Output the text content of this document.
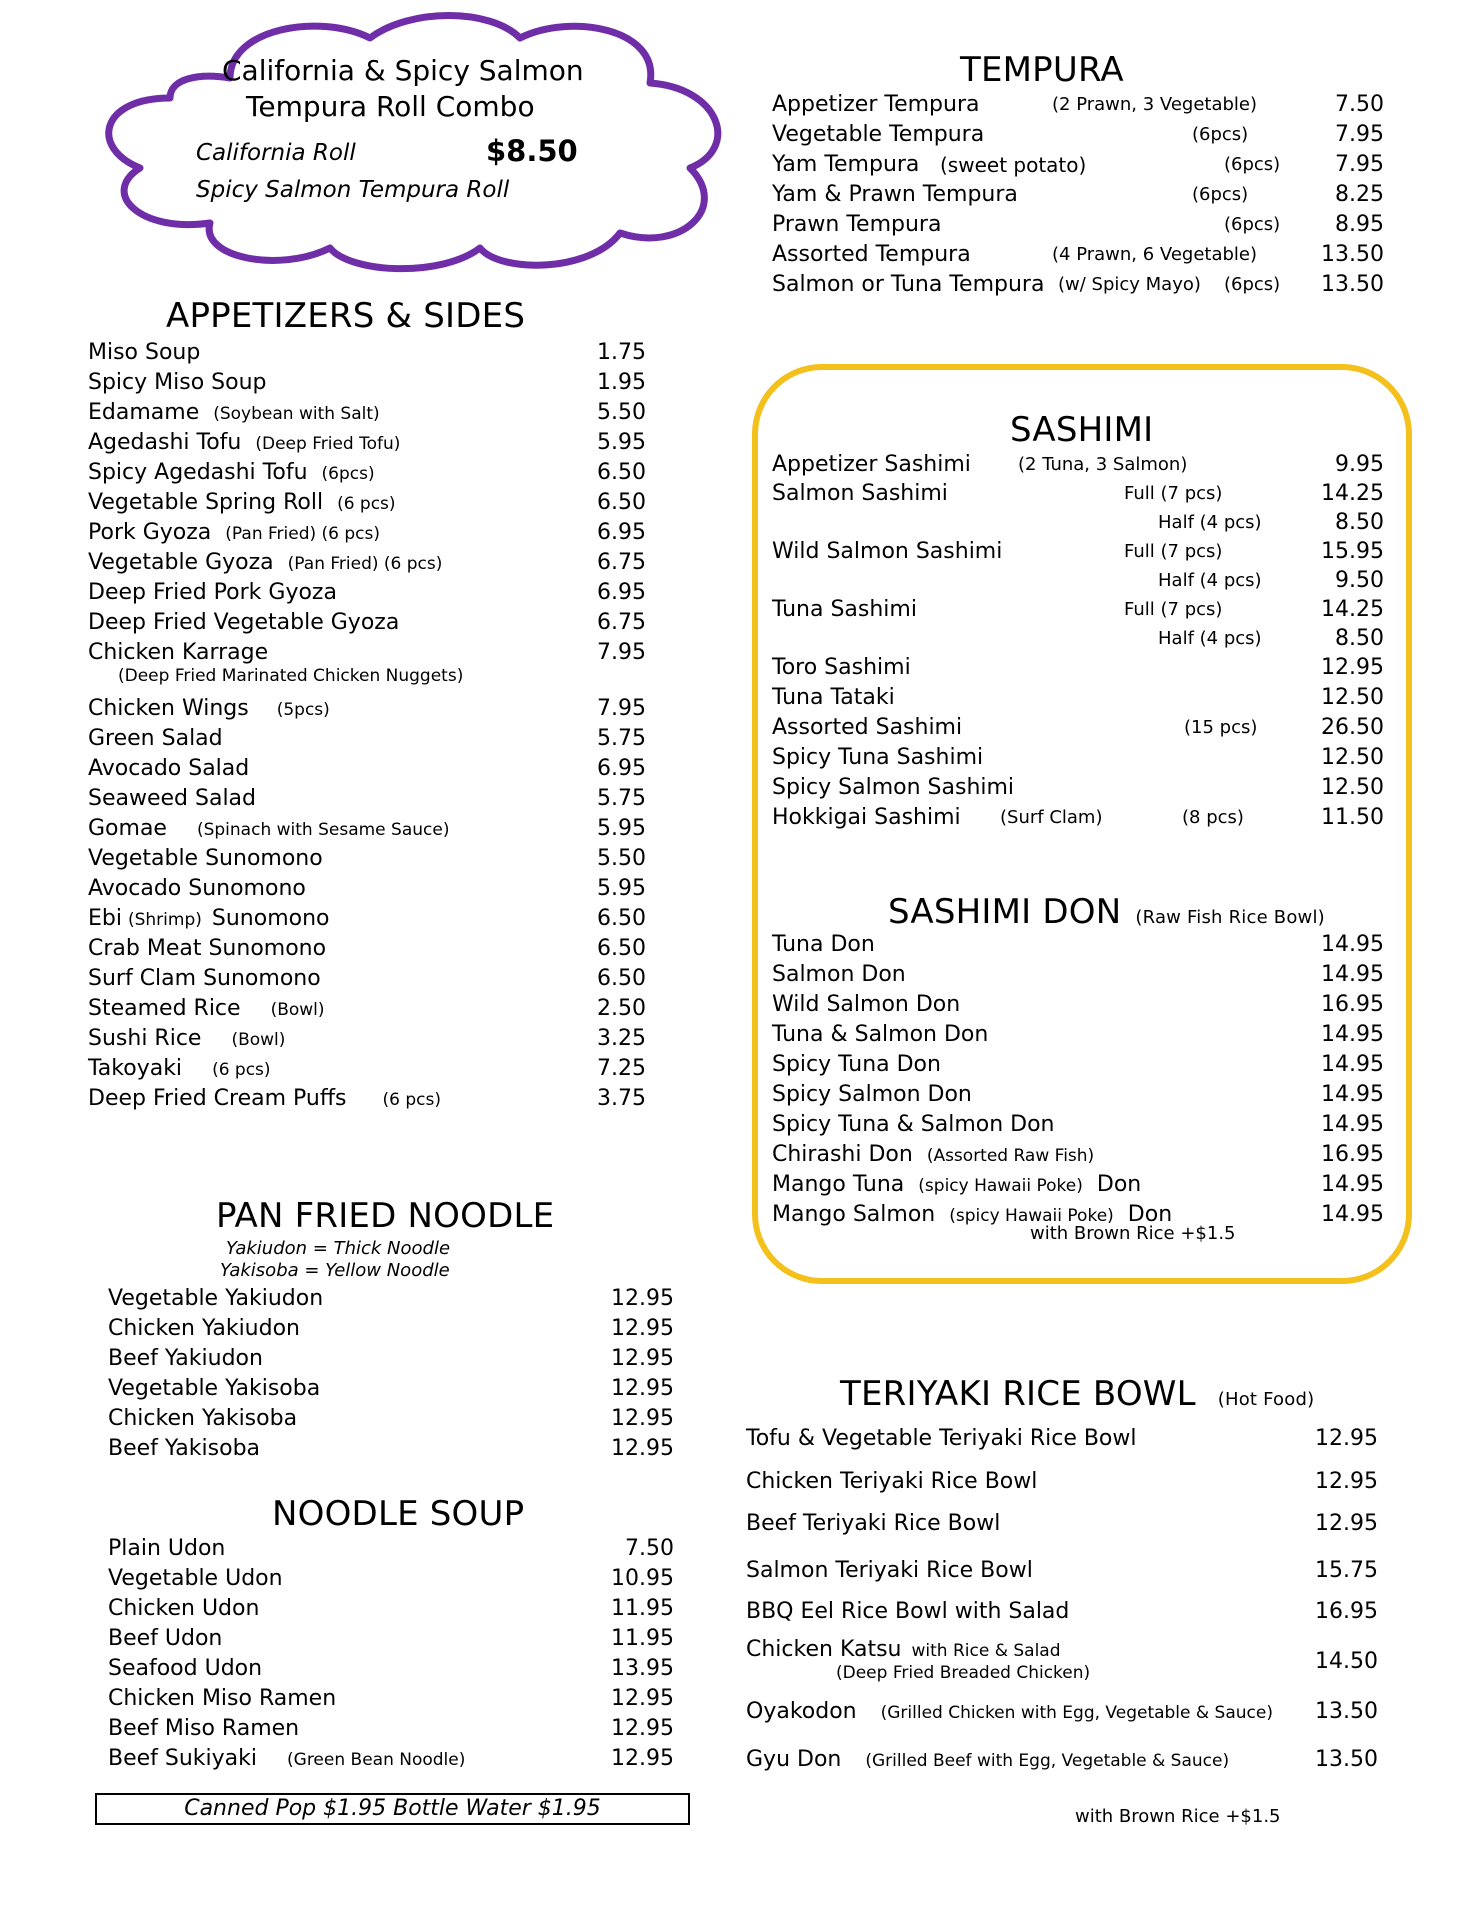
California & Spicy Salmon
Tempura Roll Combo
California Roll	$8.50
Spicy Salmon Tempura Roll
TEMPURA
Appetizer Tempura	(2 Prawn, 3 Vegetable)	7.50
Vegetable Tempura	(6pcs)	7.95
Yam Tempura (sweet potato)	(6pcs) 7.95
Yam & Prawn Tempura	(6pcs)	8.25
Prawn Tempura	(6pcs) 8.95
Assorted Tempura	(4 Prawn, 6 Vegetable)	13.50
Salmon or Tuna Tempura (w/ Spicy Mayo) (6pcs) 13.50
APPETIZERS & SIDES
Miso Soup	1.75
Spicy Miso Soup	1.95
Edamame (Soybean with Salt)	5.50
Agedashi Tofu (Deep Fried Tofu)	5.95
Spicy Agedashi Tofu (6pcs)	6.50
Vegetable Spring Roll (6 pcs)	6.50
Pork Gyoza (Pan Fried) (6 pcs)	6.95
Vegetable Gyoza (Pan Fried) (6 pcs)	6.75
Deep Fried Pork Gyoza	6.95
Deep Fried Vegetable Gyoza	6.75
Chicken Karrage
(Deep Fried Marinated Chicken Nuggets)
7.95
Chicken Wings (5pcs)	7.95
Green Salad	5.75
Avocado Salad	6.95
Seaweed Salad	5.75
Gomae (Spinach with Sesame Sauce)	5.95
Vegetable Sunomono	5.50
Avocado Sunomono	5.95
Ebi (Shrimp) Sunomono	6.50
Crab Meat Sunomono	6.50
Surf Clam Sunomono	6.50
Steamed Rice (Bowl)	2.50
Sushi Rice (Bowl)	3.25
Takoyaki (6 pcs)	7.25
Deep Fried Cream Puffs (6 pcs)	3.75
SASHIMI
Appetizer Sashimi	(2 Tuna, 3 Salmon)	9.95
Salmon Sashimi	Full (7 pcs)	14.25
Half (4 pcs)	8.50
Wild Salmon Sashimi	Full (7 pcs)	15.95
Half (4 pcs)	9.50
Tuna Sashimi	Full (7 pcs)	14.25
Half (4 pcs)	8.50
Toro Sashimi	12.95
Tuna Tataki	12.50
Assorted Sashimi	(15 pcs)	26.50
Spicy Tuna Sashimi	12.50
Spicy Salmon Sashimi	12.50
Hokkigai Sashimi (Surf Clam)	(8 pcs)	11.50
SASHIMI DON (Raw Fish Rice Bowl)
Tuna Don	14.95
Salmon Don	14.95
Wild Salmon Don	16.95
Tuna & Salmon Don	14.95
Spicy Tuna Don	14.95
Spicy Salmon Don	14.95
Spicy Tuna & Salmon Don	14.95
Chirashi Don (Assorted Raw Fish)	16.95
Mango Tuna (spicy Hawaii Poke) Don	14.95
Mango Salmon (spicy Hawaii Poke) Don	14.95
with Brown Rice +$1.5
PAN FRIED NOODLE
Yakiudon = Thick Noodle
Yakisoba = Yellow Noodle
Vegetable Yakiudon	12.95
Chicken Yakiudon	12.95
Beef Yakiudon	12.95
Vegetable Yakisoba	12.95
Chicken Yakisoba	12.95
Beef Yakisoba	12.95
NOODLE SOUP
Plain Udon	7.50
Vegetable Udon	10.95
Chicken Udon	11.95
Beef Udon	11.95
Seafood Udon	13.95
Chicken Miso Ramen	12.95
Beef Miso Ramen	12.95
Beef Sukiyaki (Green Bean Noodle)	12.95
Canned Pop $1.95 Bottle Water $1.95
TERIYAKI RICE BOWL (Hot Food)
Tofu & Vegetable Teriyaki Rice Bowl	12.95
Chicken Teriyaki Rice Bowl	12.95
Beef Teriyaki Rice Bowl	12.95
Salmon Teriyaki Rice Bowl	15.75
BBQ Eel Rice Bowl with Salad	16.95
Chicken Katsu with Rice & Salad
(Deep Fried Breaded Chicken)	14.50
Oyakodon (Grilled Chicken with Egg, Vegetable & Sauce) 13.50
Gyu Don (Grilled Beef with Egg, Vegetable & Sauce)	13.50
with Brown Rice +$1.5
